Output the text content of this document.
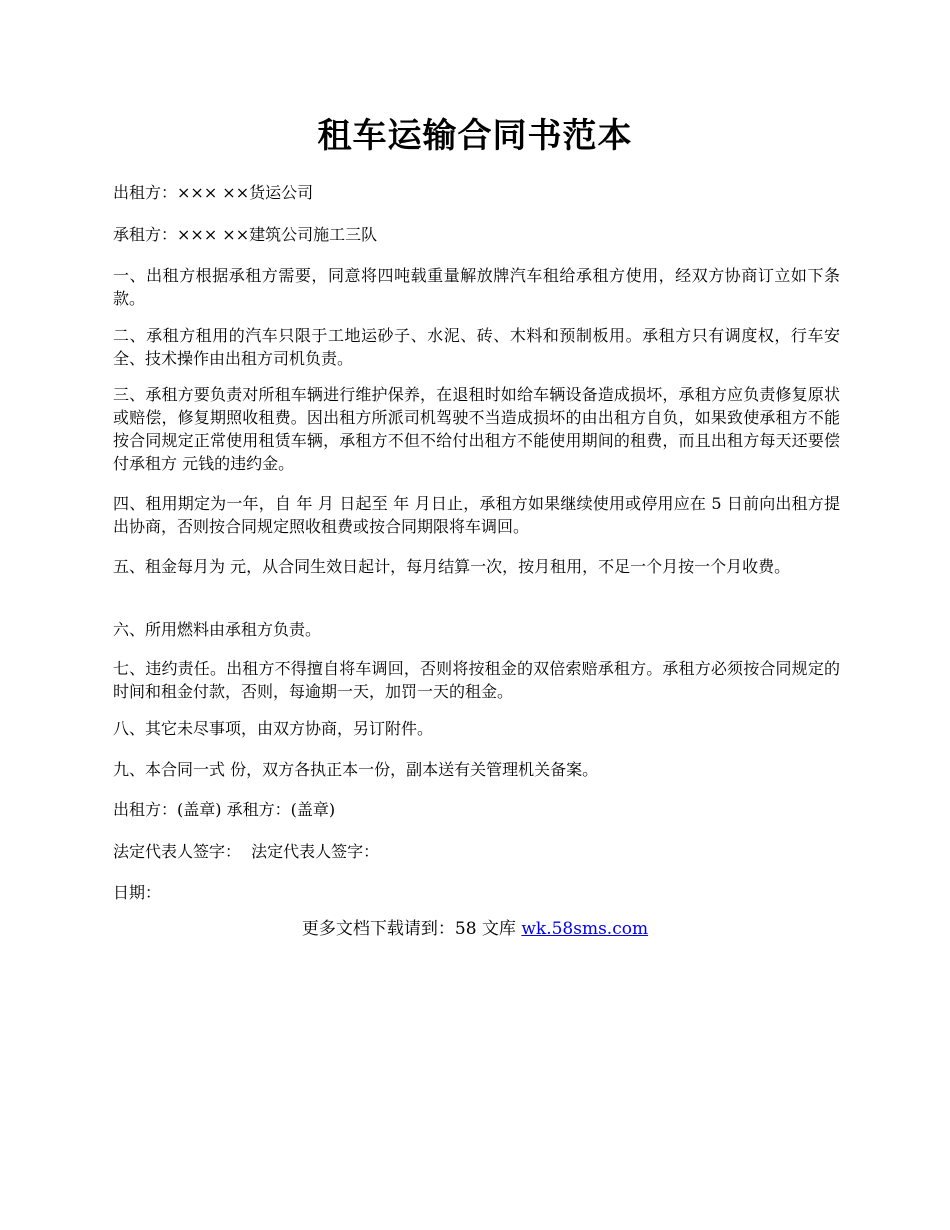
租车运输合同书范本

出租方：××× ××货运公司

承租方：××× ××建筑公司施工三队

一、出租方根据承租方需要，同意将四吨载重量解放牌汽车租给承租方使用，经双方协商订立如下条款。

二、承租方租用的汽车只限于工地运砂子、水泥、砖、木料和预制板用。承租方只有调度权，行车安全、技术操作由出租方司机负责。

三、承租方要负责对所租车辆进行维护保养，在退租时如给车辆设备造成损坏，承租方应负责修复原状或赔偿，修复期照收租费。因出租方所派司机驾驶不当造成损坏的由出租方自负，如果致使承租方不能按合同规定正常使用租赁车辆，承租方不但不给付出租方不能使用期间的租费，而且出租方每天还要偿付承租方 元钱的违约金。

四、租用期定为一年，自 年 月 日起至 年 月日止，承租方如果继续使用或停用应在 5 日前向出租方提出协商，否则按合同规定照收租费或按合同期限将车调回。

五、租金每月为 元，从合同生效日起计，每月结算一次，按月租用，不足一个月按一个月收费。

六、所用燃料由承租方负责。

七、违约责任。出租方不得擅自将车调回，否则将按租金的双倍索赔承租方。承租方必须按合同规定的时间和租金付款，否则，每逾期一天，加罚一天的租金。

八、其它未尽事项，由双方协商，另订附件。

九、本合同一式 份，双方各执正本一份，副本送有关管理机关备案。

出租方：(盖章) 承租方：(盖章)

法定代表人签字：  法定代表人签字：

日期：

更多文档下载请到：58 文库 wk.58sms.com
